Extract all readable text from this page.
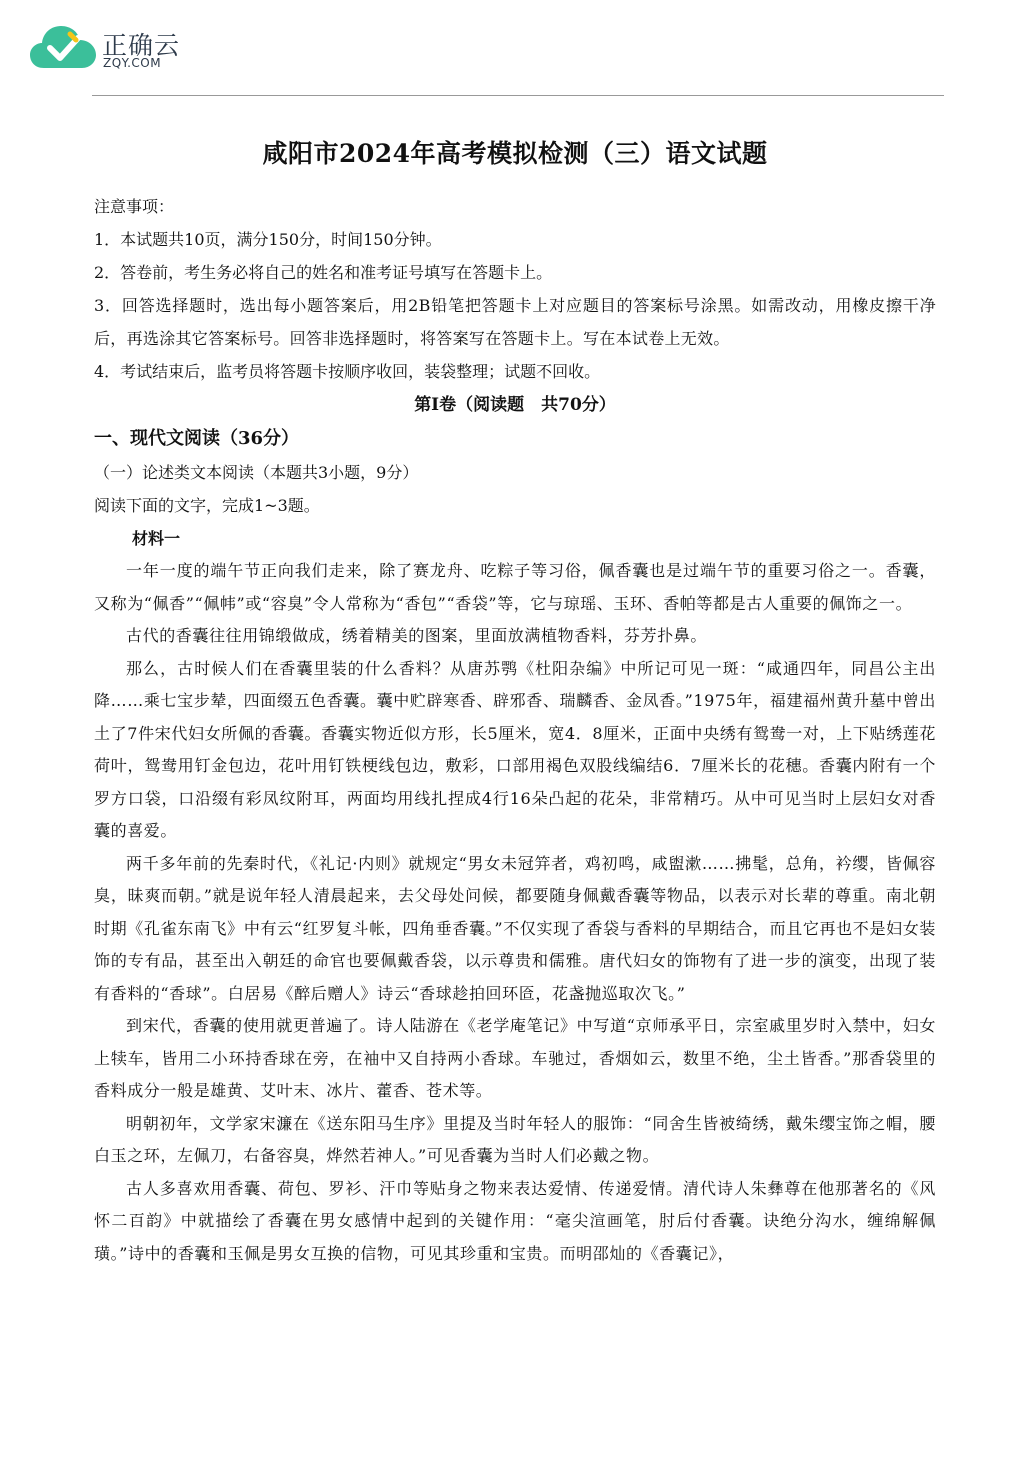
正确云
ZQY.COM
咸阳市2024年高考模拟检测（三）语文试题
注意事项：
1．本试题共10页，满分150分，时间150分钟。
2．答卷前，考生务必将自己的姓名和准考证号填写在答题卡上。
3．回答选择题时，选出每小题答案后，用2B铅笔把答题卡上对应题目的答案标号涂黑。如需改动，用橡皮擦干净后，再选涂其它答案标号。回答非选择题时，将答案写在答题卡上。写在本试卷上无效。
4．考试结束后，监考员将答题卡按顺序收回，装袋整理；试题不回收。
第I卷（阅读题　共70分）
一、现代文阅读（36分）
（一）论述类文本阅读（本题共3小题，9分）
阅读下面的文字，完成1~3题。
材料一

一年一度的端午节正向我们走来，除了赛龙舟、吃粽子等习俗，佩香囊也是过端午节的重要习俗之一。香囊，又称为“佩香”“佩帏”或“容臭”令人常称为“香包”“香袋”等，它与琼瑶、玉环、香帕等都是古人重要的佩饰之一。

古代的香囊往往用锦缎做成，绣着精美的图案，里面放满植物香料，芬芳扑鼻。

那么，古时候人们在香囊里装的什么香料？从唐苏鹗《杜阳杂编》中所记可见一斑：“咸通四年，同昌公主出降……乘七宝步辇，四面缀五色香囊。囊中贮辟寒香、辟邪香、瑞麟香、金凤香。”1975年，福建福州黄升墓中曾出土了7件宋代妇女所佩的香囊。香囊实物近似方形，长5厘米，宽4．8厘米，正面中央绣有鸳鸯一对，上下贴绣莲花荷叶，鸳鸯用钉金包边，花叶用钉铁梗线包边，敷彩，口部用褐色双股线编结6．7厘米长的花穗。香囊内附有一个罗方口袋，口沿缀有彩凤纹附耳，两面均用线扎捏成4行16朵凸起的花朵，非常精巧。从中可见当时上层妇女对香囊的喜爱。

两千多年前的先秦时代，《礼记·内则》就规定“男女未冠笄者，鸡初鸣，咸盥漱……拂髦，总角，衿缨，皆佩容臭，昧爽而朝。”就是说年轻人清晨起来，去父母处问候，都要随身佩戴香囊等物品，以表示对长辈的尊重。南北朝时期《孔雀东南飞》中有云“红罗复斗帐，四角垂香囊。”不仅实现了香袋与香料的早期结合，而且它再也不是妇女装饰的专有品，甚至出入朝廷的命官也要佩戴香袋，以示尊贵和儒雅。唐代妇女的饰物有了进一步的演变，出现了装有香料的“香球”。白居易《醉后赠人》诗云“香球趁拍回环匼，花盏抛巡取次飞。”

到宋代，香囊的使用就更普遍了。诗人陆游在《老学庵笔记》中写道“京师承平日，宗室戚里岁时入禁中，妇女上犊车，皆用二小环持香球在旁，在袖中又自持两小香球。车驰过，香烟如云，数里不绝，尘土皆香。”那香袋里的香料成分一般是雄黄、艾叶末、冰片、藿香、苍术等。

明朝初年，文学家宋濂在《送东阳马生序》里提及当时年轻人的服饰：“同舍生皆被绮绣，戴朱缨宝饰之帽，腰白玉之环，左佩刀，右备容臭，烨然若神人。”可见香囊为当时人们必戴之物。

古人多喜欢用香囊、荷包、罗衫、汗巾等贴身之物来表达爱情、传递爱情。清代诗人朱彝尊在他那著名的《风怀二百韵》中就描绘了香囊在男女感情中起到的关键作用：“毫尖渲画笔，肘后付香囊。诀绝分沟水，缠绵解佩璜。”诗中的香囊和玉佩是男女互换的信物，可见其珍重和宝贵。而明邵灿的《香囊记》，
